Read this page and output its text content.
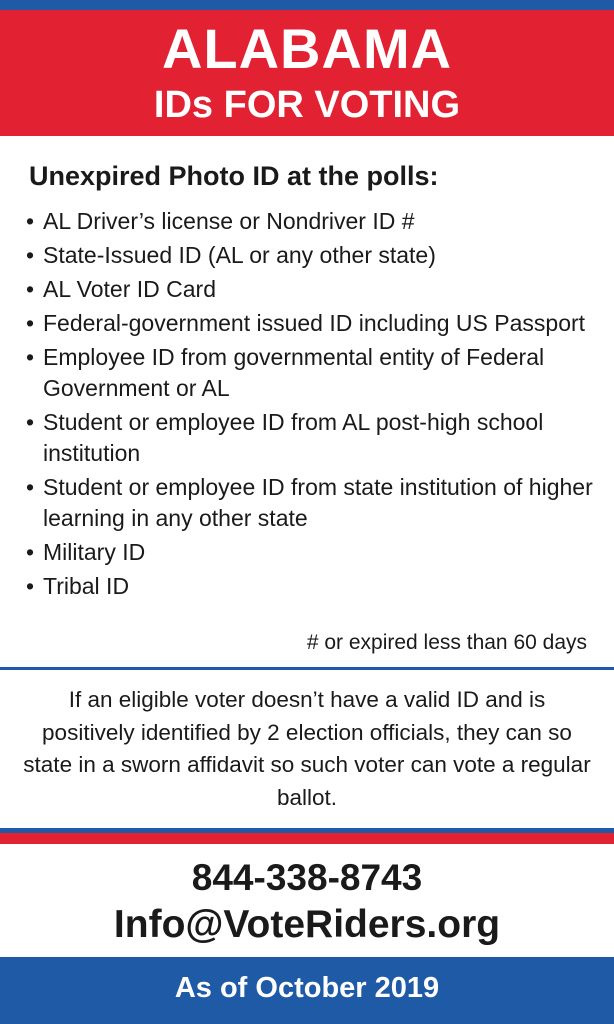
ALABAMA
IDs FOR VOTING
Unexpired Photo ID at the polls:
• AL Driver’s license or Nondriver ID #
• State-Issued ID (AL or any other state)
• AL Voter ID Card
• Federal-government issued ID including US Passport
• Employee ID from governmental entity of Federal Government or AL
• Student or employee ID from AL post-high school institution
• Student or employee ID from state institution of higher learning in any other state
• Military ID
• Tribal ID
# or expired less than 60 days

If an eligible voter doesn’t have a valid ID and is positively identified by 2 election officials, they can so state in a sworn affidavit so such voter can vote a regular ballot.

844-338-8743
Info@VoteRiders.org
As of October 2019
